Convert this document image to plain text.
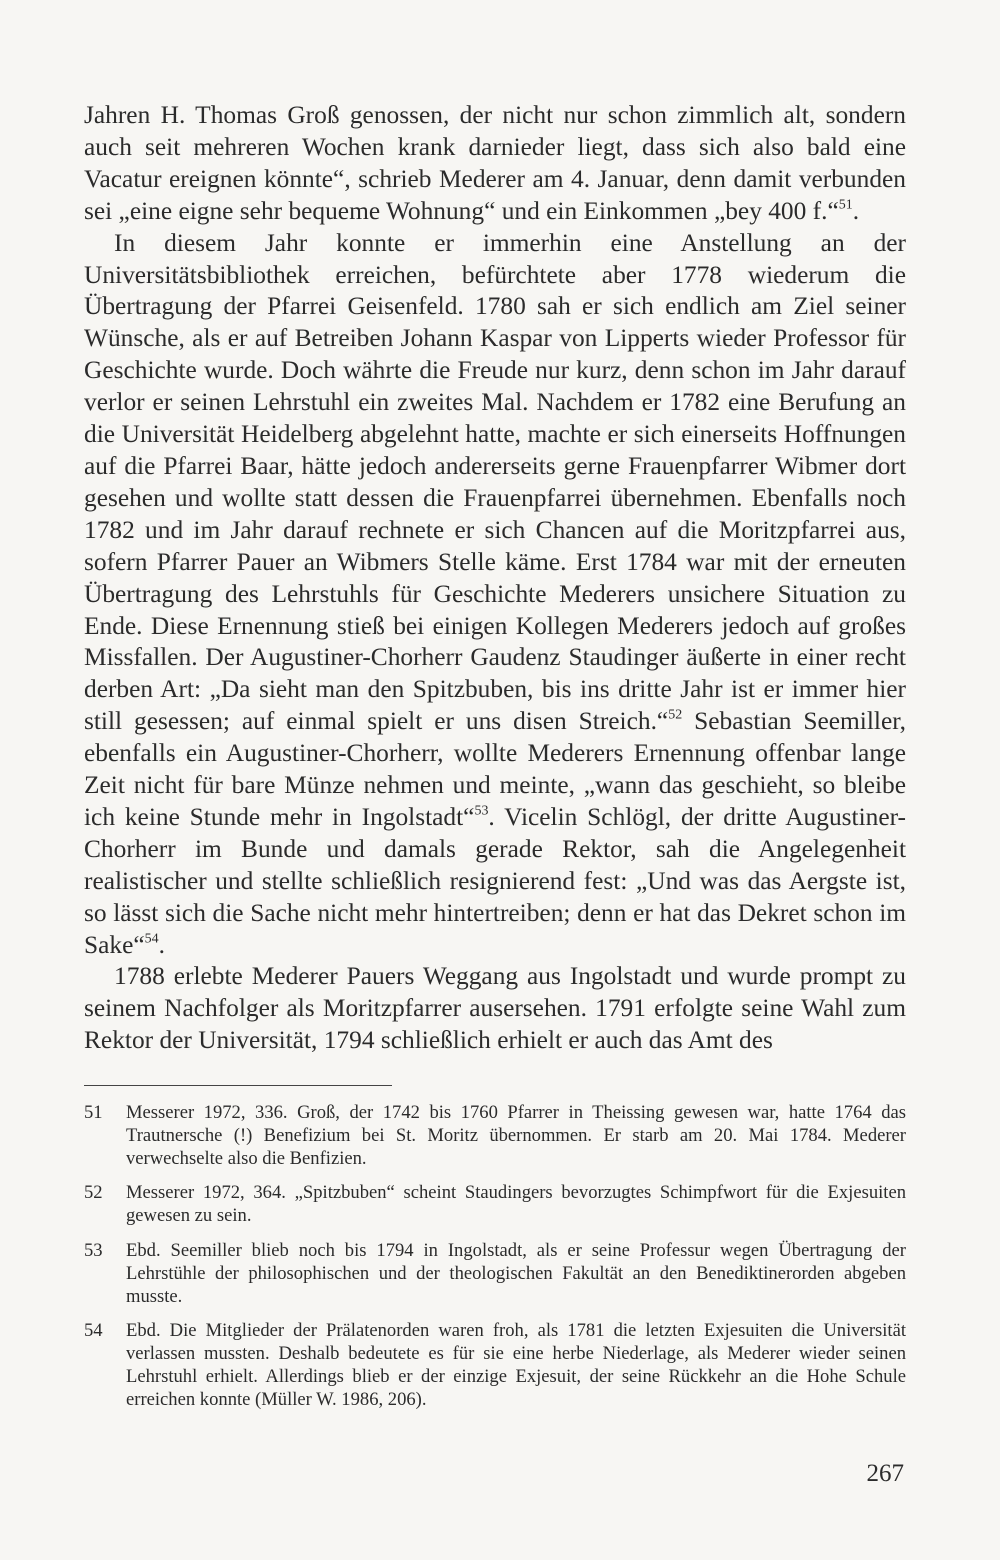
Jahren H. Thomas Groß genossen, der nicht nur schon zimmlich alt, sondern auch seit mehreren Wochen krank darnieder liegt, dass sich also bald eine Vacatur ereignen könnte“, schrieb Mederer am 4. Januar, denn damit verbunden sei „eine eigne sehr bequeme Wohnung“ und ein Einkommen „bey 400 f.“$^{51}$.

In diesem Jahr konnte er immerhin eine Anstellung an der Universitätsbibliothek erreichen, befürchtete aber 1778 wiederum die Übertragung der Pfarrei Geisenfeld. 1780 sah er sich endlich am Ziel seiner Wünsche, als er auf Betreiben Johann Kaspar von Lipperts wieder Professor für Geschichte wurde. Doch währte die Freude nur kurz, denn schon im Jahr darauf verlor er seinen Lehrstuhl ein zweites Mal. Nachdem er 1782 eine Berufung an die Universität Heidelberg abgelehnt hatte, machte er sich einerseits Hoffnungen auf die Pfarrei Baar, hätte jedoch andererseits gerne Frauenpfarrer Wibmer dort gesehen und wollte statt dessen die Frauenpfarrei übernehmen. Ebenfalls noch 1782 und im Jahr darauf rechnete er sich Chancen auf die Moritzpfarrei aus, sofern Pfarrer Pauer an Wibmers Stelle käme. Erst 1784 war mit der erneuten Übertragung des Lehrstuhls für Geschichte Mederers unsichere Situation zu Ende. Diese Ernennung stieß bei einigen Kollegen Mederers jedoch auf großes Missfallen. Der Augustiner-Chorherr Gaudenz Staudinger äußerte in einer recht derben Art: „Da sieht man den Spitzbuben, bis ins dritte Jahr ist er immer hier still gesessen; auf einmal spielt er uns disen Streich.“$^{52}$ Sebastian Seemiller, ebenfalls ein Augustiner-Chorherr, wollte Mederers Ernennung offenbar lange Zeit nicht für bare Münze nehmen und meinte, „wann das geschieht, so bleibe ich keine Stunde mehr in Ingolstadt“$^{53}$. Vicelin Schlögl, der dritte Augustiner-Chorherr im Bunde und damals gerade Rektor, sah die Angelegenheit realistischer und stellte schließlich resignierend fest: „Und was das Aergste ist, so lässt sich die Sache nicht mehr hintertreiben; denn er hat das Dekret schon im Sake“$^{54}$.

1788 erlebte Mederer Pauers Weggang aus Ingolstadt und wurde prompt zu seinem Nachfolger als Moritzpfarrer ausersehen. 1791 erfolgte seine Wahl zum Rektor der Universität, 1794 schließlich erhielt er auch das Amt des

51	Messerer 1972, 336. Groß, der 1742 bis 1760 Pfarrer in Theissing gewesen war, hatte 1764 das Trautnersche (!) Benefizium bei St. Moritz übernommen. Er starb am 20. Mai 1784. Mederer verwechselte also die Benfizien.
52	Messerer 1972, 364. „Spitzbuben“ scheint Staudingers bevorzugtes Schimpfwort für die Exjesuiten gewesen zu sein.
53	Ebd. Seemiller blieb noch bis 1794 in Ingolstadt, als er seine Professur wegen Übertragung der Lehrstühle der philosophischen und der theologischen Fakultät an den Benediktinerorden abgeben musste.
54	Ebd. Die Mitglieder der Prälatenorden waren froh, als 1781 die letzten Exjesuiten die Universität verlassen mussten. Deshalb bedeutete es für sie eine herbe Niederlage, als Mederer wieder seinen Lehrstuhl erhielt. Allerdings blieb er der einzige Exjesuit, der seine Rückkehr an die Hohe Schule erreichen konnte (Müller W. 1986, 206).
267
